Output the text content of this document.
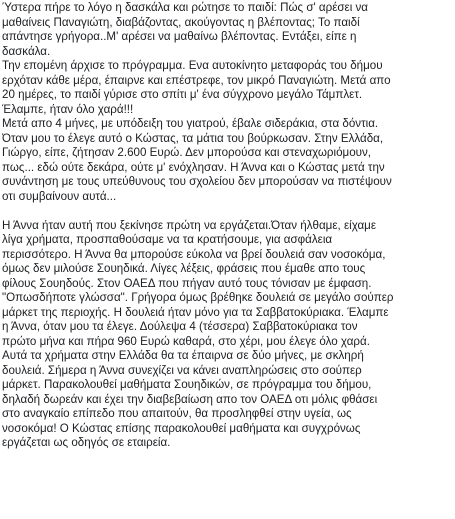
Ύστερα πήρε το λόγο η δασκάλα και ρώτησε το παιδί: Πώς σ' αρέσει να
μαθαίνεις Παναγιώτη, διαβάζοντας, ακούγοντας η βλέποντας; Το παιδί
απάντησε γρήγορα..Μ' αρέσει να μαθαίνω βλέποντας. Εντάξει, είπε η
δασκάλα.
Την επομένη άρχισε το πρόγραμμα. Ενα αυτοκίνητο μεταφοράς του δήμου
ερχόταν κάθε μέρα, έπαιρνε και επέστρεφε, τον μικρό Παναγιώτη. Μετά απο
20 ημέρες, το παιδί γύρισε στο σπίτι μ' ένα σύγχρονο μεγάλο Τάμπλετ.
Έλαμπε, ήταν όλο χαρά!!!
Μετά απο 4 μήνες, με υπόδειξη του γιατρού, έβαλε σιδεράκια, στα δόντια.
Όταν μου το έλεγε αυτό ο Κώστας, τα μάτια του βούρκωσαν. Στην Ελλάδα,
Γιώργο, είπε, ζήτησαν 2.600 Ευρώ. Δεν μπορούσα και στεναχωριόμουν,
πως... εδώ ούτε δεκάρα, ούτε μ' ενόχλησαν. Η Άννα και ο Κώστας μετά την
συνάντηση με τους υπεύθυνους του σχολείου δεν μπορούσαν να πιστέψουν
οτι συμβαίνουν αυτά...
Η Άννα ήταν αυτή που ξεκίνησε πρώτη να εργάζεται.Όταν ήλθαμε, είχαμε
λίγα χρήματα, προσπαθούσαμε να τα κρατήσουμε, για ασφάλεια
περισσότερο. Η Άννα θα μπορούσε εύκολα να βρεί δουλειά σαν νοσοκόμα,
όμως δεν μιλούσε Σουηδικά. Λίγες λέξεις, φράσεις που έμαθε απο τους
φίλους Σουηδούς. Στον ΟΑΕΔ που πήγαν αυτό τους τόνισαν με έμφαση.
"Οπωσδήποτε γλώσσα". Γρήγορα όμως βρέθηκε δουλειά σε μεγάλο σούπερ
μάρκετ της περιοχής. Η δουλειά ήταν μόνο για τα Σαββατοκύριακα. Έλαμπε
η Άννα, όταν μου τα έλεγε. Δούλεψα 4 (τέσσερα) Σαββατοκύριακα τον
πρώτο μήνα και πήρα 960 Ευρώ καθαρά, στο χέρι, μου έλεγε όλο χαρά.
Αυτά τα χρήματα στην Ελλάδα θα τα έπαιρνα σε δύο μήνες, με σκληρή
δουλειά. Σήμερα η Άννα συνεχίζει να κάνει αναπληρώσεις στο σούπερ
μάρκετ. Παρακολουθεί μαθήματα Σουηδικών, σε πρόγραμμα του δήμου,
δηλαδή δωρεάν και έχει την διαβεβαίωση απο τον ΟΑΕΔ οτι μόλις φθάσει
στο αναγκαίο επίπεδο που απαιτούν, θα προσληφθεί στην υγεία, ως
νοσοκόμα! Ο Κώστας επίσης παρακολουθεί μαθήματα και συγχρόνως
εργάζεται ως οδηγός σε εταιρεία.
